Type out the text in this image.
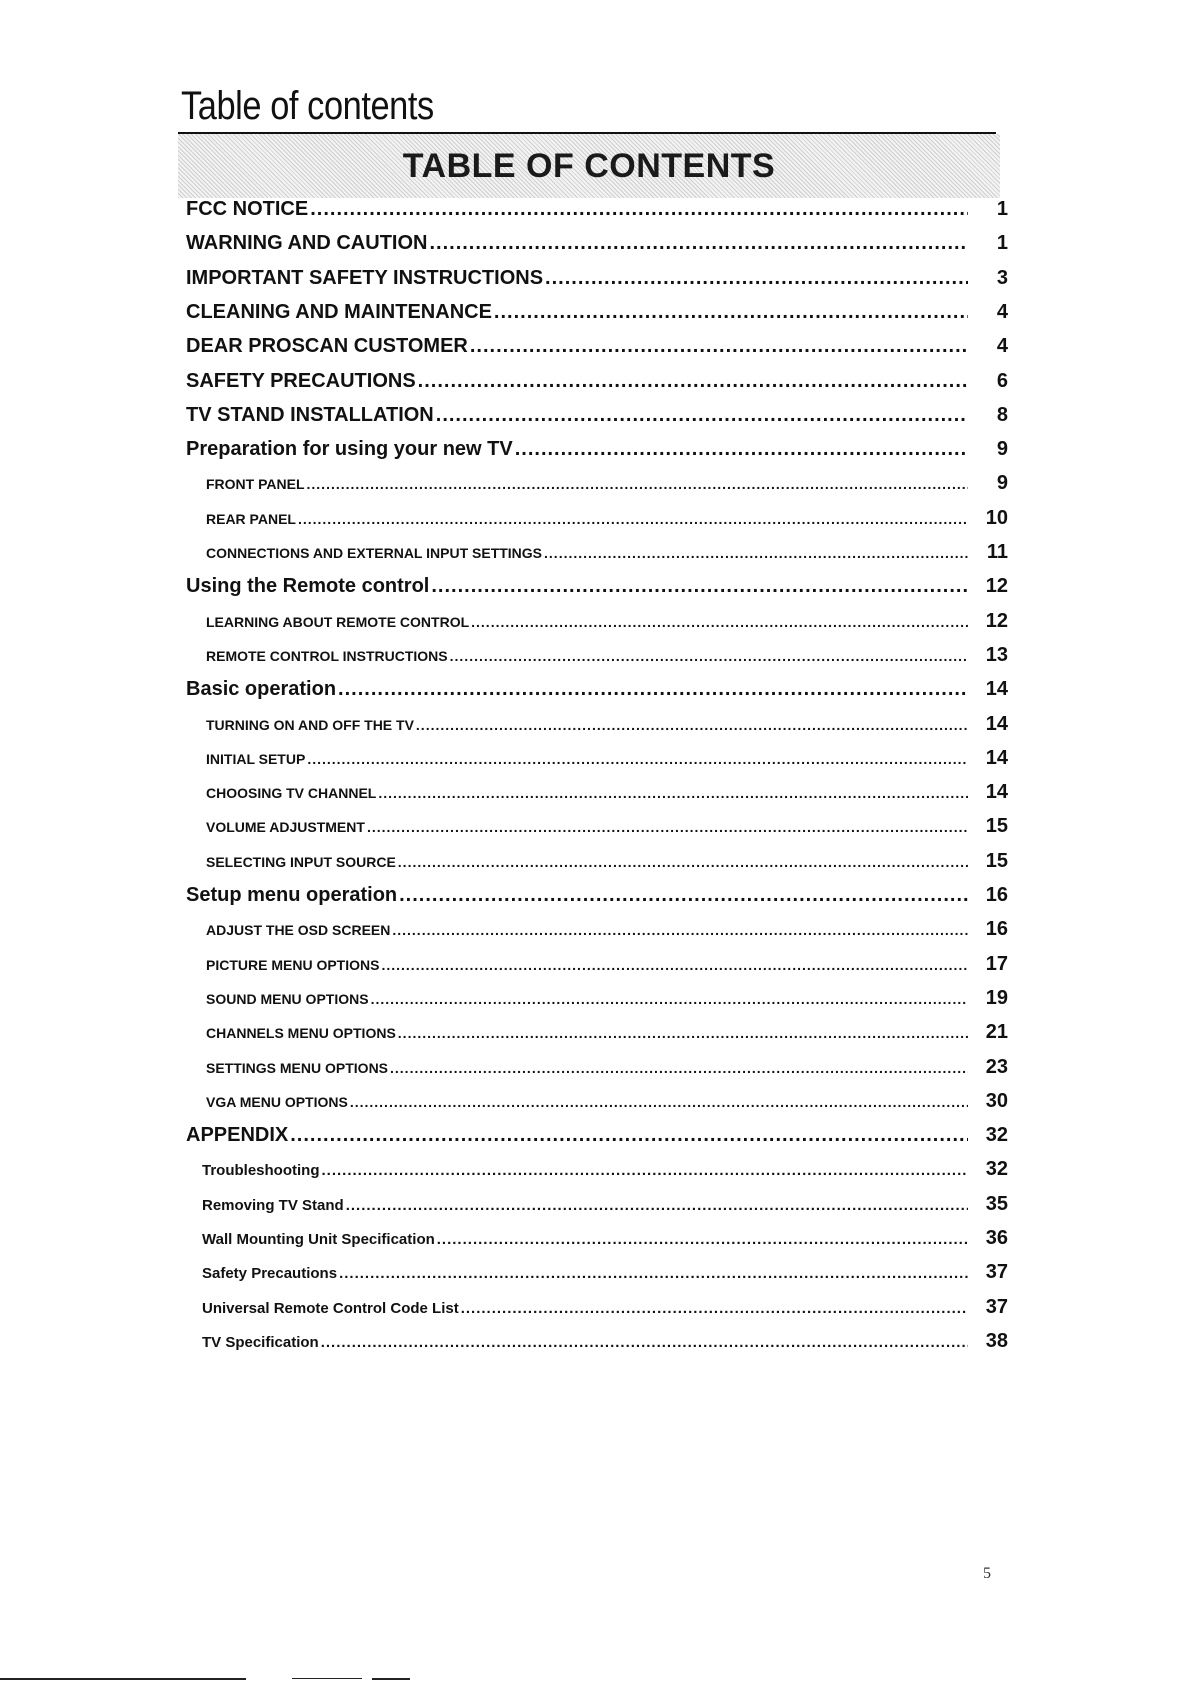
Table of contents
TABLE OF CONTENTS
FCC NOTICE .....	1
WARNING AND CAUTION .....	1
IMPORTANT SAFETY INSTRUCTIONS .....	3
CLEANING AND MAINTENANCE .....	4
DEAR PROSCAN CUSTOMER .....	4
SAFETY PRECAUTIONS .....	6
TV STAND INSTALLATION .....	8
Preparation for using your new TV .....	9
FRONT PANEL .....	9
REAR PANEL .....	10
CONNECTIONS AND EXTERNAL INPUT SETTINGS .....	11
Using the Remote control .....	12
LEARNING ABOUT REMOTE CONTROL .....	12
REMOTE CONTROL INSTRUCTIONS .....	13
Basic operation .....	14
TURNING ON AND OFF THE TV .....	14
INITIAL SETUP .....	14
CHOOSING TV CHANNEL .....	14
VOLUME ADJUSTMENT .....	15
SELECTING INPUT SOURCE .....	15
Setup menu operation .....	16
ADJUST THE OSD SCREEN .....	16
PICTURE MENU OPTIONS .....	17
SOUND MENU OPTIONS .....	19
CHANNELS MENU OPTIONS .....	21
SETTINGS MENU OPTIONS .....	23
VGA MENU OPTIONS .....	30
APPENDIX .....	32
Troubleshooting .....	32
Removing TV Stand .....	35
Wall Mounting Unit Specification .....	36
Safety Precautions .....	37
Universal Remote Control Code List .....	37
TV Specification .....	38
5
